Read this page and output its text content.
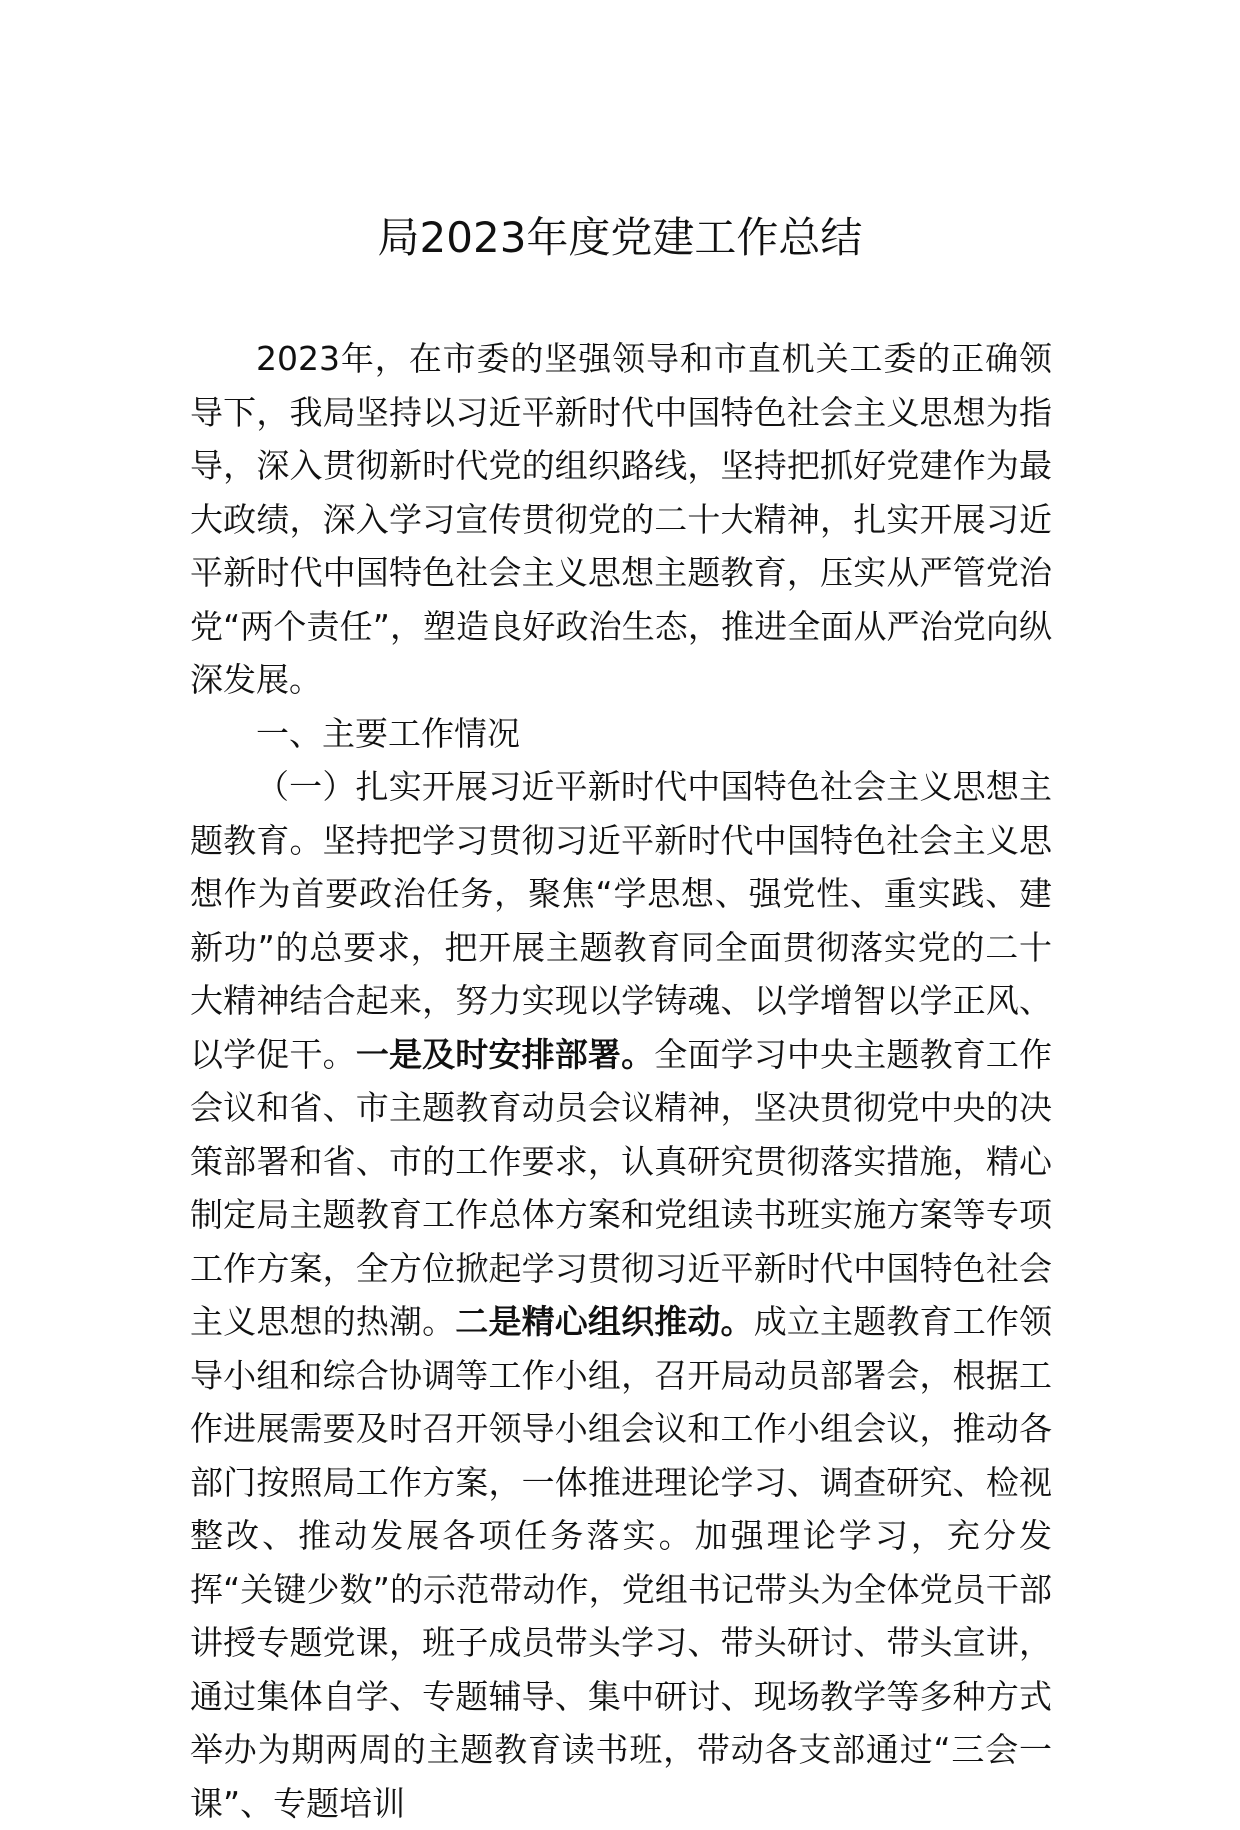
局2023年度党建工作总结

2023年，在市委的坚强领导和市直机关工委的正确领导下，我局坚持以习近平新时代中国特色社会主义思想为指导，深入贯彻新时代党的组织路线，坚持把抓好党建作为最大政绩，深入学习宣传贯彻党的二十大精神，扎实开展习近平新时代中国特色社会主义思想主题教育，压实从严管党治党“两个责任”，塑造良好政治生态，推进全面从严治党向纵深发展。

一、主要工作情况

（一）扎实开展习近平新时代中国特色社会主义思想主题教育。坚持把学习贯彻习近平新时代中国特色社会主义思想作为首要政治任务，聚焦“学思想、强党性、重实践、建新功”的总要求，把开展主题教育同全面贯彻落实党的二十大精神结合起来，努力实现以学铸魂、以学增智以学正风、以学促干。一是及时安排部署。全面学习中央主题教育工作会议和省、市主题教育动员会议精神，坚决贯彻党中央的决策部署和省、市的工作要求，认真研究贯彻落实措施，精心制定局主题教育工作总体方案和党组读书班实施方案等专项工作方案，全方位掀起学习贯彻习近平新时代中国特色社会主义思想的热潮。二是精心组织推动。成立主题教育工作领导小组和综合协调等工作小组，召开局动员部署会，根据工作进展需要及时召开领导小组会议和工作小组会议，推动各部门按照局工作方案，一体推进理论学习、调查研究、检视整改、推动发展各项任务落实。加强理论学习，充分发挥“关键少数”的示范带动作，党组书记带头为全体党员干部讲授专题党课，班子成员带头学习、带头研讨、带头宣讲，通过集体自学、专题辅导、集中研讨、现场教学等多种方式举办为期两周的主题教育读书班，带动各支部通过“三会一课”、专题培训
